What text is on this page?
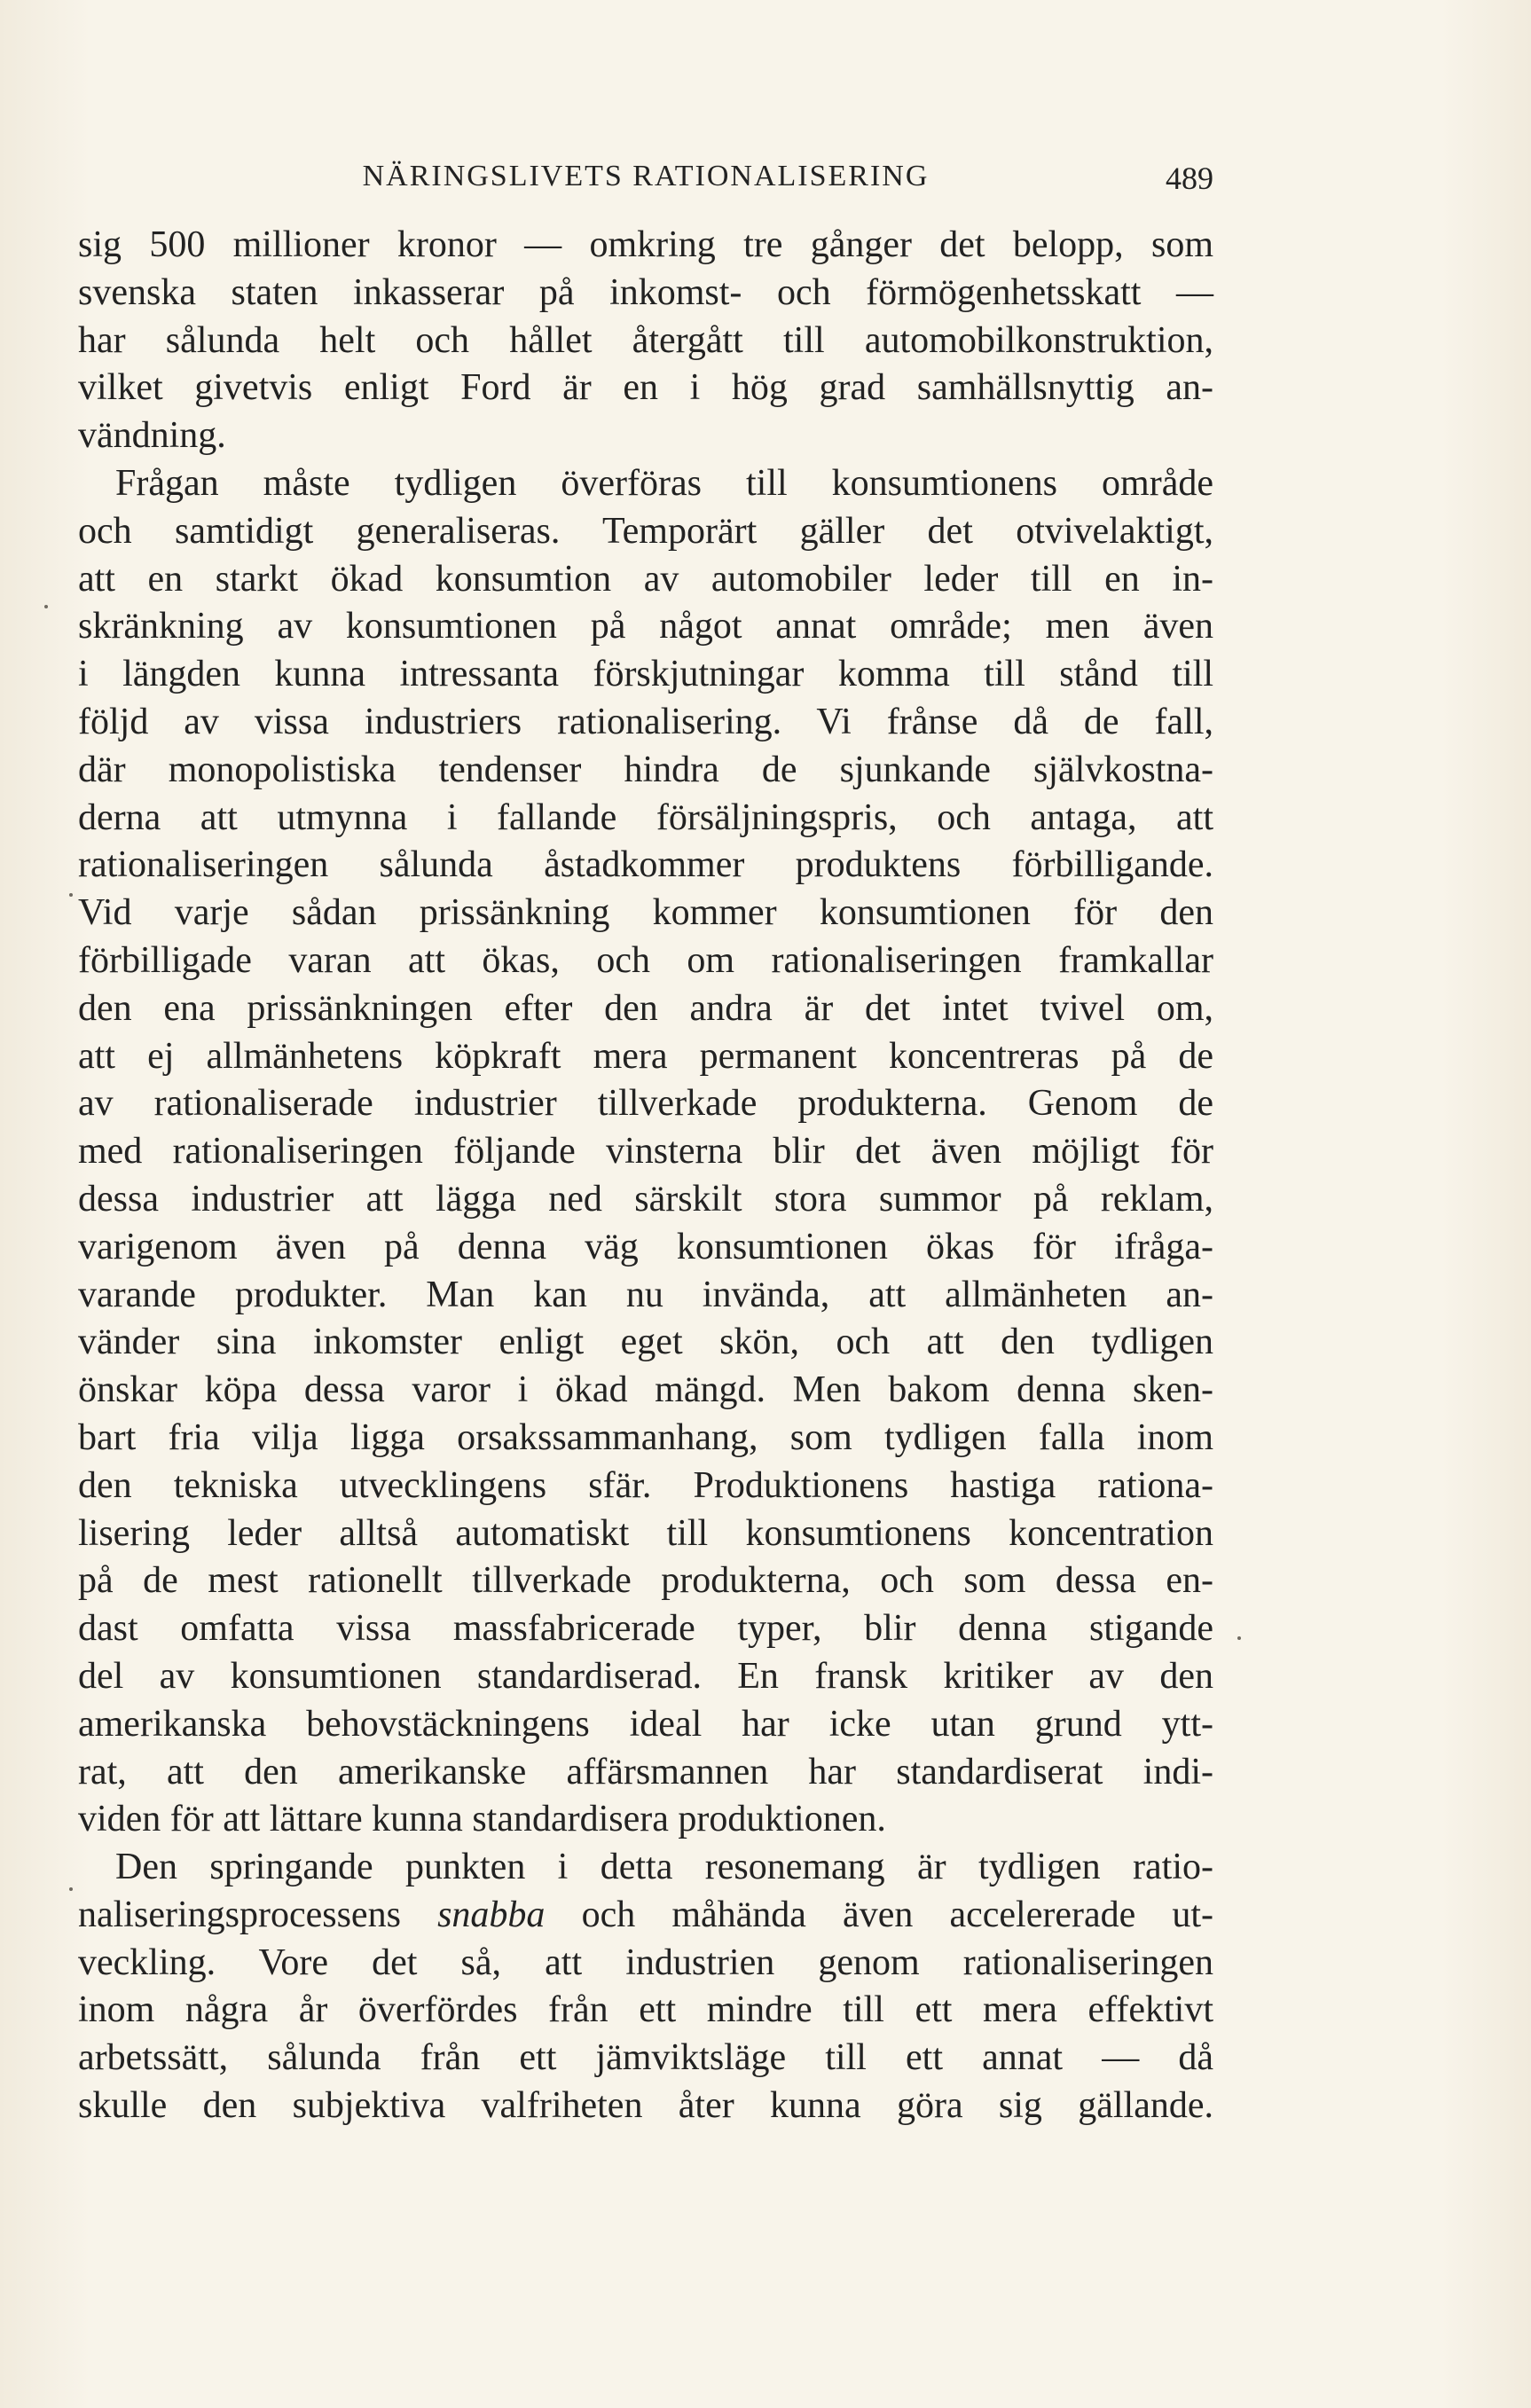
NÄRINGSLIVETS RATIONALISERING	489

sig 500 millioner kronor — omkring tre gånger det belopp, som

svenska staten inkasserar på inkomst- och förmögenhetsskatt —

har sålunda helt och hållet återgått till automobilkonstruktion,

vilket givetvis enligt Ford är en i hög grad samhällsnyttig an-

vändning.

Frågan måste tydligen överföras till konsumtionens område

och samtidigt generaliseras. Temporärt gäller det otvivelaktigt,

att en starkt ökad konsumtion av automobiler leder till en in-

skränkning av konsumtionen på något annat område; men även

i längden kunna intressanta förskjutningar komma till stånd till

följd av vissa industriers rationalisering. Vi frånse då de fall,

där monopolistiska tendenser hindra de sjunkande självkostna-

derna att utmynna i fallande försäljningspris, och antaga, att

rationaliseringen sålunda åstadkommer produktens förbilligande.

Vid varje sådan prissänkning kommer konsumtionen för den

förbilligade varan att ökas, och om rationaliseringen framkallar

den ena prissänkningen efter den andra är det intet tvivel om,

att ej allmänhetens köpkraft mera permanent koncentreras på de

av rationaliserade industrier tillverkade produkterna. Genom de

med rationaliseringen följande vinsterna blir det även möjligt för

dessa industrier att lägga ned särskilt stora summor på reklam,

varigenom även på denna väg konsumtionen ökas för ifråga-

varande produkter. Man kan nu invända, att allmänheten an-

vänder sina inkomster enligt eget skön, och att den tydligen

önskar köpa dessa varor i ökad mängd. Men bakom denna sken-

bart fria vilja ligga orsakssammanhang, som tydligen falla inom

den tekniska utvecklingens sfär. Produktionens hastiga rationa-

lisering leder alltså automatiskt till konsumtionens koncentration

på de mest rationellt tillverkade produkterna, och som dessa en-

dast omfatta vissa massfabricerade typer, blir denna stigande

del av konsumtionen standardiserad. En fransk kritiker av den

amerikanska behovstäckningens ideal har icke utan grund ytt-

rat, att den amerikanske affärsmannen har standardiserat indi-

viden för att lättare kunna standardisera produktionen.

Den springande punkten i detta resonemang är tydligen ratio-

naliseringsprocessens snabba och måhända även accelererade ut-

veckling. Vore det så, att industrien genom rationaliseringen

inom några år överfördes från ett mindre till ett mera effektivt

arbetssätt, sålunda från ett jämviktsläge till ett annat — då

skulle den subjektiva valfriheten åter kunna göra sig gällande.
